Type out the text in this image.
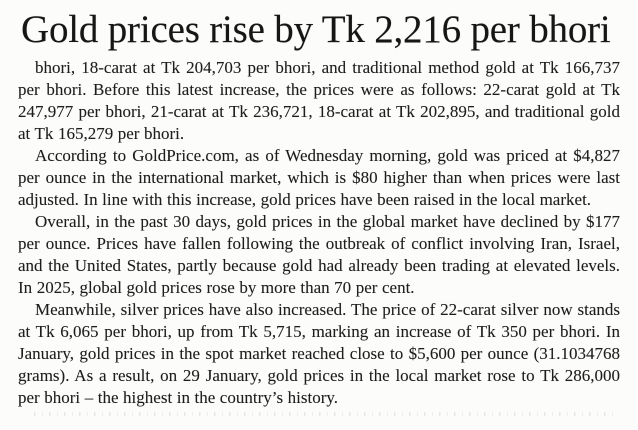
Gold prices rise by Tk 2,216 per bhori

bhori, 18-carat at Tk 204,703 per bhori, and traditional method gold at Tk 166,737 per bhori. Before this latest increase, the prices were as follows: 22-carat gold at Tk 247,977 per bhori, 21-carat at Tk 236,721, 18-carat at Tk 202,895, and traditional gold at Tk 165,279 per bhori.

According to GoldPrice.com, as of Wednesday morning, gold was priced at $4,827 per ounce in the international market, which is $80 higher than when prices were last adjusted. In line with this increase, gold prices have been raised in the local market.

Overall, in the past 30 days, gold prices in the global market have declined by $177 per ounce. Prices have fallen following the outbreak of conflict involving Iran, Israel, and the United States, partly because gold had already been trading at elevated levels. In 2025, global gold prices rose by more than 70 per cent.

Meanwhile, silver prices have also increased. The price of 22-carat silver now stands at Tk 6,065 per bhori, up from Tk 5,715, marking an increase of Tk 350 per bhori. In January, gold prices in the spot market reached close to $5,600 per ounce (31.1034768 grams). As a result, on 29 January, gold prices in the local market rose to Tk 286,000 per bhori – the highest in the country’s history.
